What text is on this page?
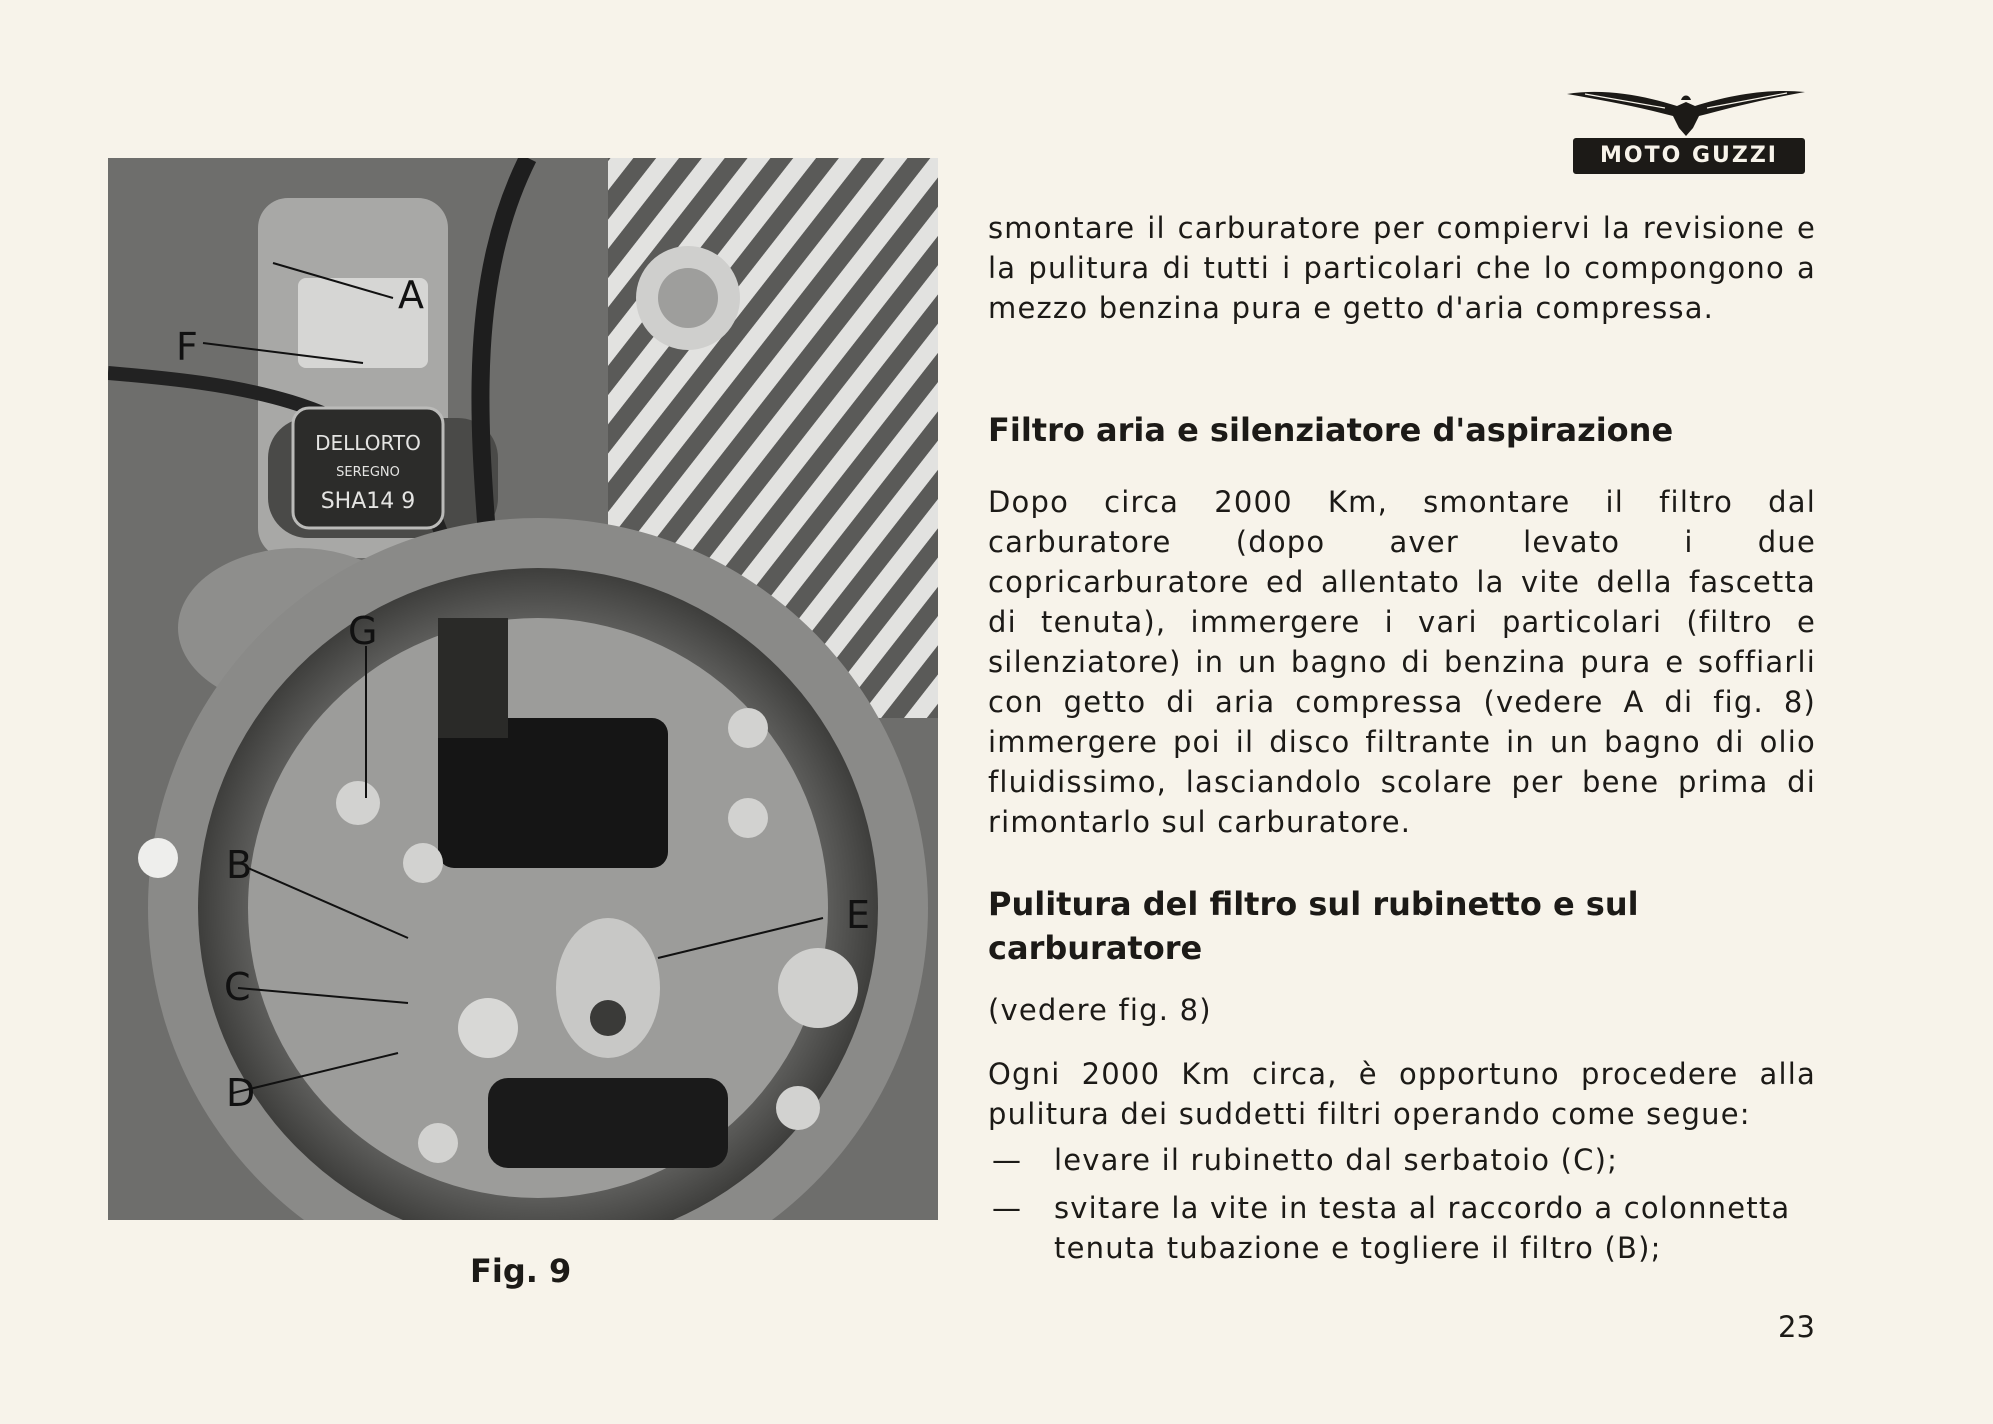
MOTO GUZZI
A
F
G
B
C
D
E
DELLORTO
SEREGNO
SHA14 9
Fig. 9

smontare il carburatore per compiervi la revisione e la pulitura di tutti i particolari che lo compongono a mezzo benzina pura e getto d'aria compressa.

Filtro aria e silenziatore d'aspirazione

Dopo circa 2000 Km, smontare il filtro dal carburatore (dopo aver levato i due copricarburatore ed allentato la vite della fascetta di tenuta), immergere i vari particolari (filtro e silenziatore) in un bagno di benzina pura e soffiarli con getto di aria compressa (vedere A di fig. 8) immergere poi il disco filtrante in un bagno di olio fluidissimo, lasciandolo scolare per bene prima di rimontarlo sul carburatore.

Pulitura del filtro sul rubinetto e sul carburatore

(vedere fig. 8)

Ogni 2000 Km circa, è opportuno procedere alla pulitura dei suddetti filtri operando come segue:

— levare il rubinetto dal serbatoio (C);
— svitare la vite in testa al raccordo a colonnetta tenuta tubazione e togliere il filtro (B);
23
